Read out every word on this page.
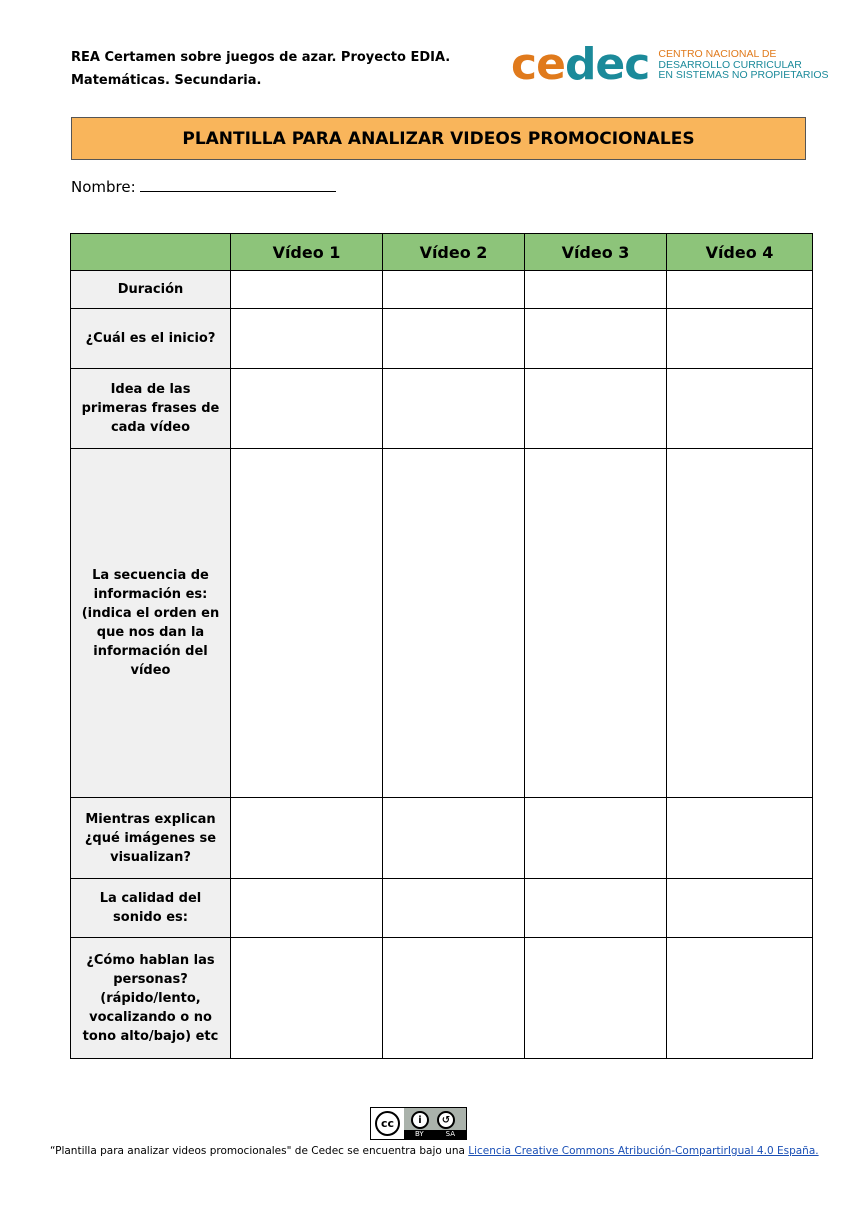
REA Certamen sobre juegos de azar. Proyecto EDIA.
Matemáticas. Secundaria.	cedec CENTRO NACIONAL DE
DESARROLLO CURRICULAR
EN SISTEMAS NO PROPIETARIOS
PLANTILLA PARA ANALIZAR VIDEOS PROMOCIONALES
Nombre:
	Vídeo 1	Vídeo 2	Vídeo 3	Vídeo 4
Duración				
¿Cuál es el inicio?				
Idea de las primeras frases de cada vídeo				
La secuencia de información es: (indica el orden en que nos dan la información del vídeo				
Mientras explican ¿qué imágenes se visualizan?				
La calidad del sonido es:				
¿Cómo hablan las personas? (rápido/lento, vocalizando o no tono alto/bajo) etc				
cc	i	↺
BY	SA
“Plantilla para analizar videos promocionales" de Cedec se encuentra bajo una Licencia Creative Commons Atribución-CompartirIgual 4.0 España.
